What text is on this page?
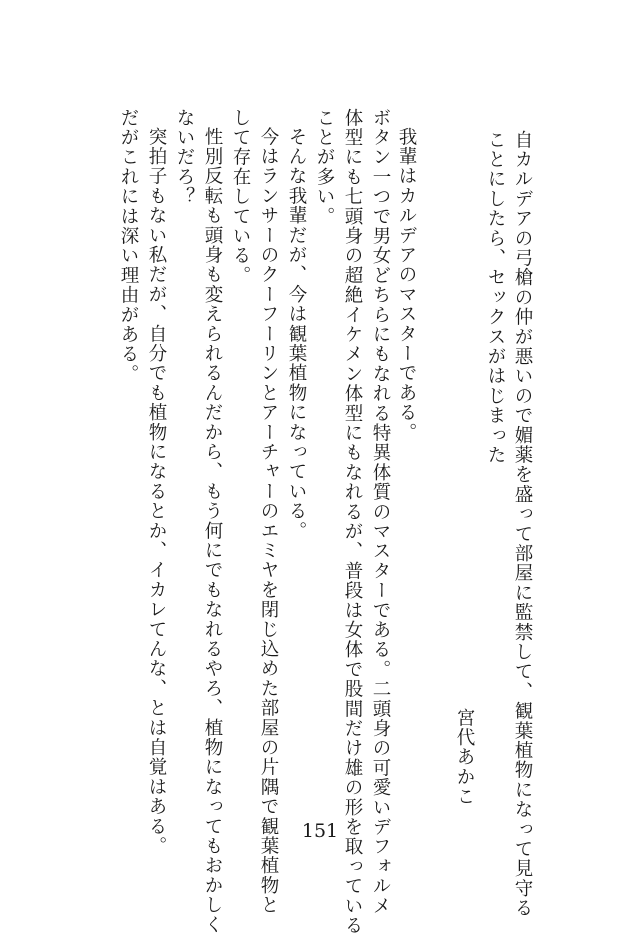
自カルデアの弓槍の仲が悪いので媚薬を盛って部屋に監禁して、観葉植物になって見守る
ことにしたら、セックスがはじまった
宮代あかこ
我輩はカルデアのマスターである。
ボタン一つで男女どちらにもなれる特異体質のマスターである。二頭身の可愛いデフォルメ
体型にも七頭身の超絶イケメン体型にもなれるが、普段は女体で股間だけ雄の形を取っている
ことが多い。
そんな我輩だが、今は観葉植物になっている。
今はランサーのクーフーリンとアーチャーのエミヤを閉じ込めた部屋の片隅で観葉植物と
して存在している。
性別反転も頭身も変えられるんだから、もう何にでもなれるやろ、植物になってもおかしく
ないだろ？
突拍子もない私だが、自分でも植物になるとか、イカレてんな、とは自覚はある。
だがこれには深い理由がある。
151
